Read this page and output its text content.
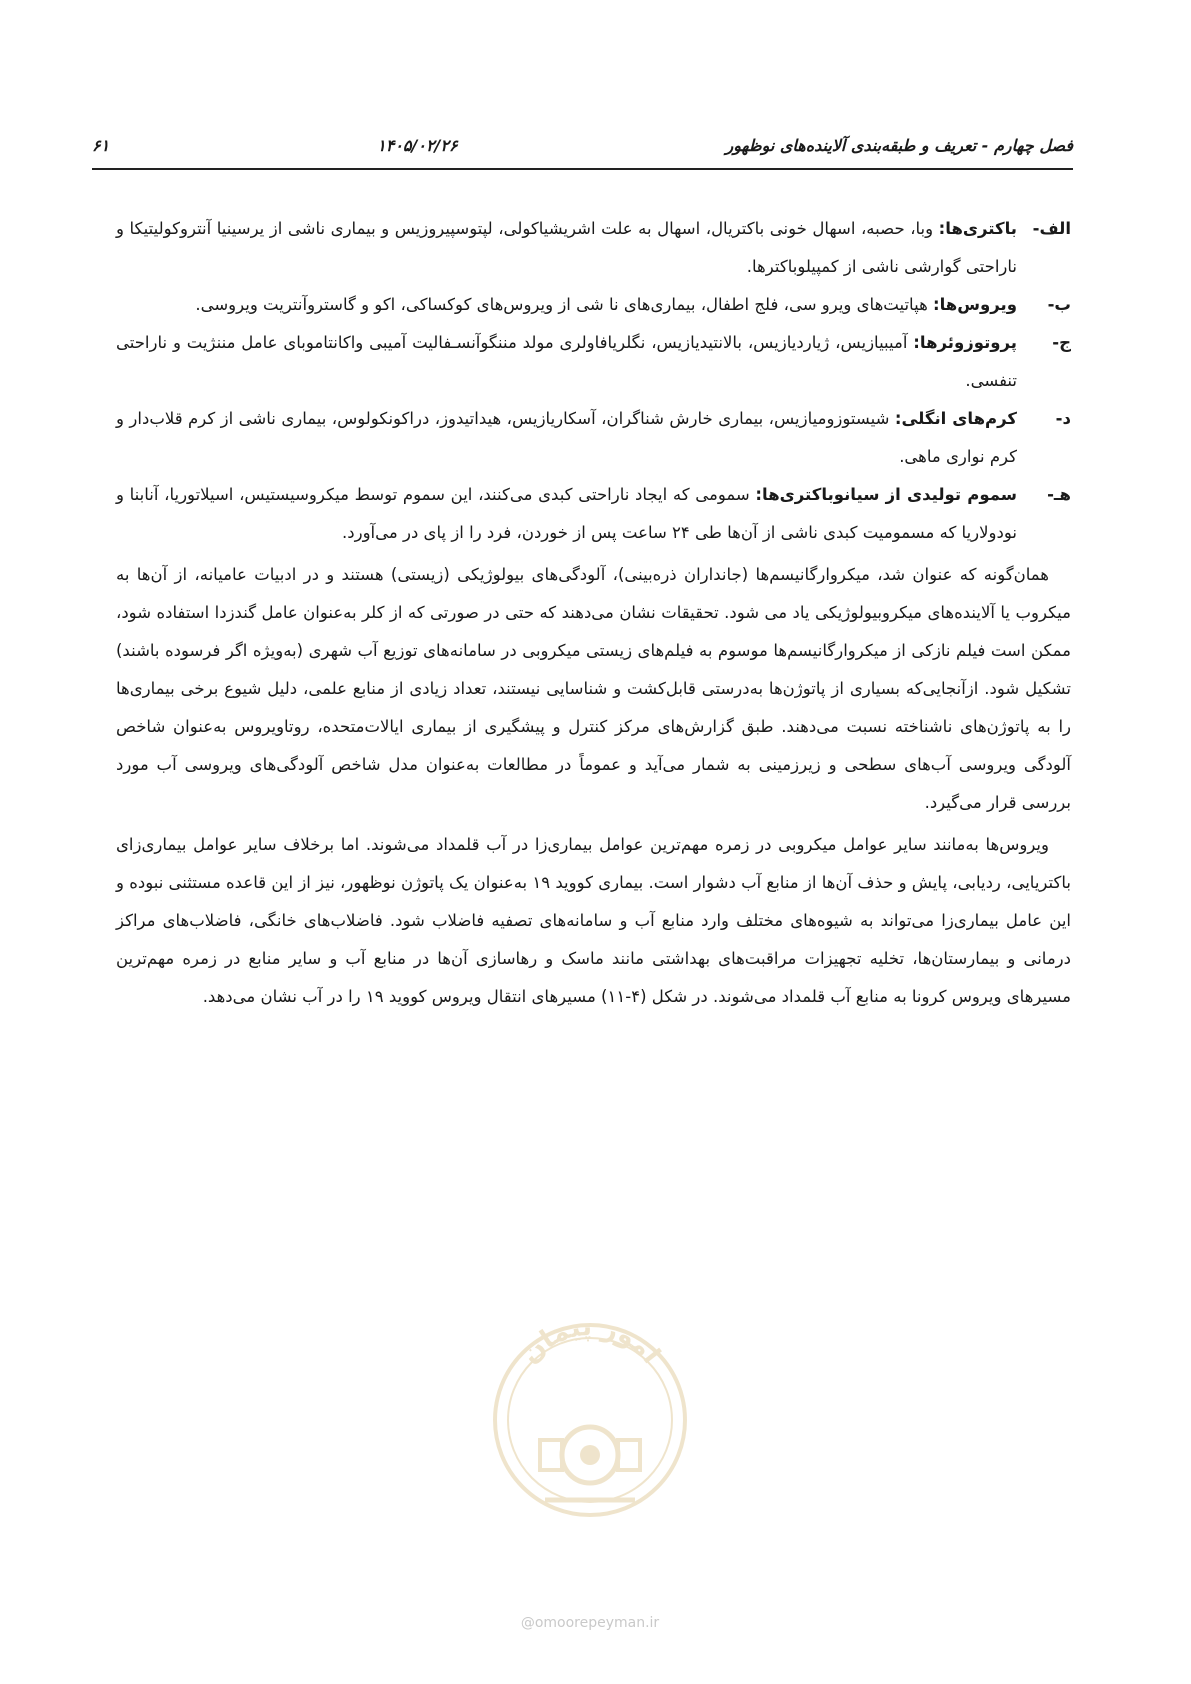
فصل چهارم - تعریف و طبقه‌بندی آلاینده‌های نوظهور
۱۴۰۵/۰۲/۲۶
۶۱
الف-
باکتری‌ها: وبا، حصبه، اسهال خونی باکتریال، اسهال به علت اشریشیاکولی، لپتوسپیروزیس و بیماری ناشی از یرسینیا آنتروکولیتیکا و ناراحتی گوارشی ناشی از کمپیلوباکترها.
ب-
ویروس‌ها: هپاتیت‌های ویرو سی، فلج اطفال، بیماری‌های نا شی از ویروس‌های کوکساکی، اکو و گاستروآنتریت ویروسی.
ج-
پروتوزوئرها: آمیبیازیس، ژیاردیازیس، بالانتیدیازیس، نگلریافاولری مولد مننگوآنسـفالیت آمیبی واکانتاموبای عامل مننژیت و ناراحتی تنفسی.
د-
کرم‌های انگلی: شیستوزومیازیس، بیماری خارش شناگران، آسکاریازیس، هیداتیدوز، دراکونکولوس، بیماری ناشی از کرم قلاب‌دار و کرم نواری ماهی.
هـ-
سموم تولیدی از سیانوباکتری‌ها: سمومی که ایجاد ناراحتی کبدی می‌کنند، این سموم توسط میکروسیستیس، اسیلاتوریا، آنابنا و نودولاریا که مسمومیت کبدی ناشی از آن‌ها طی ۲۴ ساعت پس از خوردن، فرد را از پای در می‌آورد.

همان‌گونه که عنوان شد، میکروارگانیسم‌ها (جانداران ذره‌بینی)، آلودگی‌های بیولوژیکی (زیستی) هستند و در ادبیات عامیانه، از آن‌ها به میکروب یا آلاینده‌های میکروبیولوژیکی یاد می شود. تحقیقات نشان می‌دهند که حتی در صورتی که از کلر به‌عنوان عامل گندزدا استفاده شود، ممکن است فیلم نازکی از میکروارگانیسم‌ها موسوم به فیلم‌های زیستی میکروبی در سامانه‌های توزیع آب شهری (به‌ویژه اگر فرسوده باشند) تشکیل شود. ازآنجایی‌که بسیاری از پاتوژن‌ها به‌درستی قابل‌کشت و شناسایی نیستند، تعداد زیادی از منابع علمی، دلیل شیوع برخی بیماری‌ها را به پاتوژن‌های ناشناخته نسبت می‌دهند. طبق گزارش‌های مرکز کنترل و پیشگیری از بیماری ایالات‌متحده، روتاویروس به‌عنوان شاخص آلودگی ویروسی آب‌های سطحی و زیرزمینی به شمار می‌آید و عموماً در مطالعات به‌عنوان مدل شاخص آلودگی‌های ویروسی آب مورد بررسی قرار می‌گیرد.

ویروس‌ها به‌مانند سایر عوامل میکروبی در زمره مهم‌ترین عوامل بیماری‌زا در آب قلمداد می‌شوند. اما برخلاف سایر عوامل بیماری‌زای باکتریایی، ردیابی، پایش و حذف آن‌ها از منابع آب دشوار است. بیماری کووید ۱۹ به‌عنوان یک پاتوژن نوظهور، نیز از این قاعده مستثنی نبوده و این عامل بیماری‌زا می‌تواند به شیوه‌های مختلف وارد منابع آب و سامانه‌های تصفیه فاضلاب شود. فاضلاب‌های خانگی، فاضلاب‌های مراکز درمانی و بیمارستان‌ها، تخلیه تجهیزات مراقبت‌های بهداشتی مانند ماسک و رهاسازی آن‌ها در منابع آب و سایر منابع در زمره مهم‌ترین مسیرهای ویروس کرونا به منابع آب قلمداد می‌شوند. در شکل (۴-۱۱) مسیرهای انتقال ویروس کووید ۱۹ را در آب نشان می‌دهد.

امور پیمان
@omoorepeyman.ir
